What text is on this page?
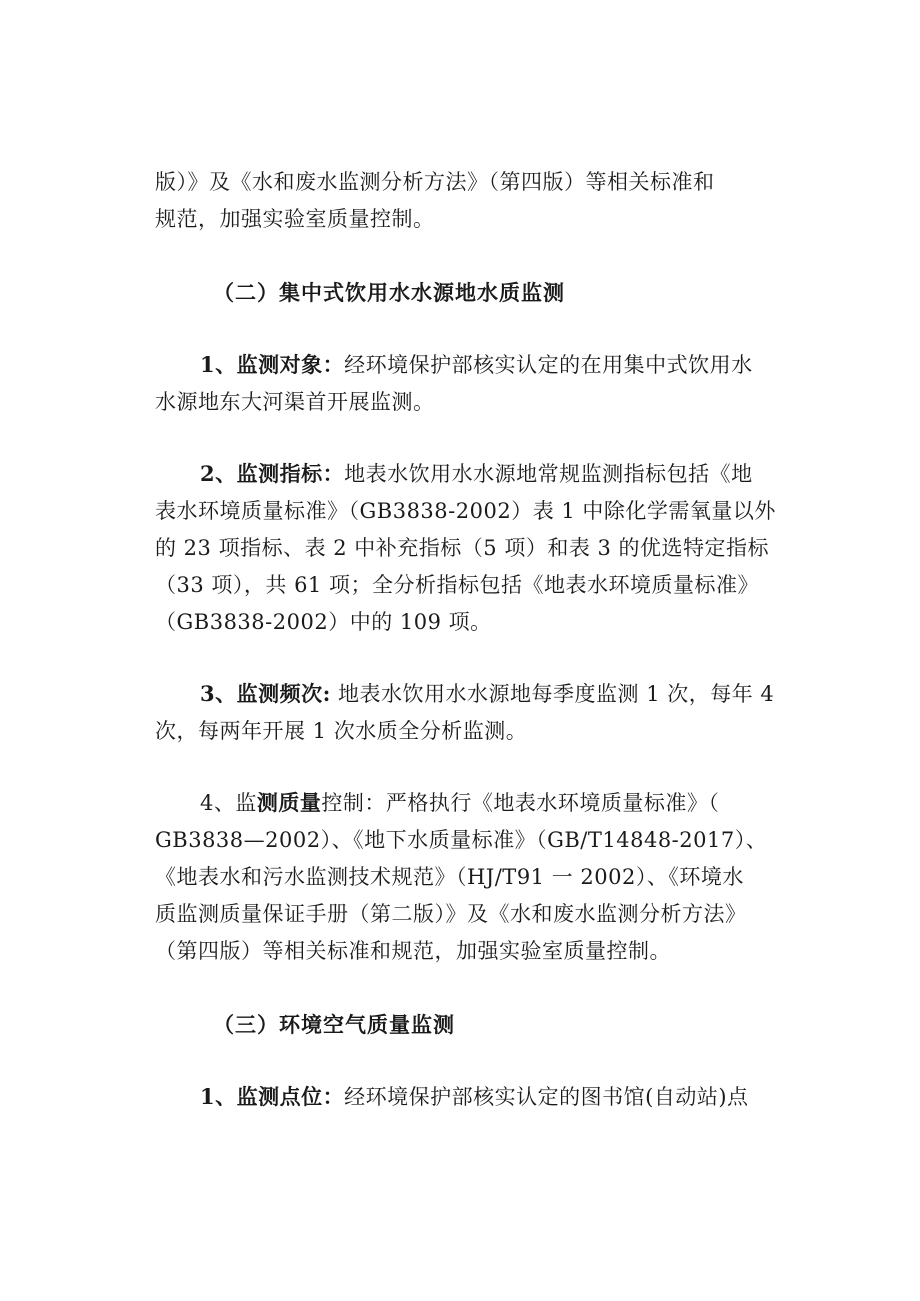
版）》及《水和废水监测分析方法》（第四版）等相关标准和

规范，加强实验室质量控制。

（二）集中式饮用水水源地水质监测

1、监测对象：经环境保护部核实认定的在用集中式饮用水

水源地东大河渠首开展监测。

2、监测指标：地表水饮用水水源地常规监测指标包括《地

表水环境质量标准》（GB3838-2002）表 1 中除化学需氧量以外

的 23 项指标、表 2 中补充指标（5 项）和表 3 的优选特定指标

（33 项），共 61 项；全分析指标包括《地表水环境质量标准》

（GB3838-2002）中的 109 项。

3、监测频次: 地表水饮用水水源地每季度监测 1 次，每年 4

次，每两年开展 1 次水质全分析监测。

4、监测质量控制：严格执行《地表水环境质量标准》（

GB3838—2002）、《地下水质量标准》（GB/T14848-2017）、

《地表水和污水监测技术规范》（HJ/T91 一 2002）、《环境水

质监测质量保证手册（第二版）》及《水和废水监测分析方法》

（第四版）等相关标准和规范，加强实验室质量控制。

（三）环境空气质量监测

1、监测点位：经环境保护部核实认定的图书馆(自动站)点
